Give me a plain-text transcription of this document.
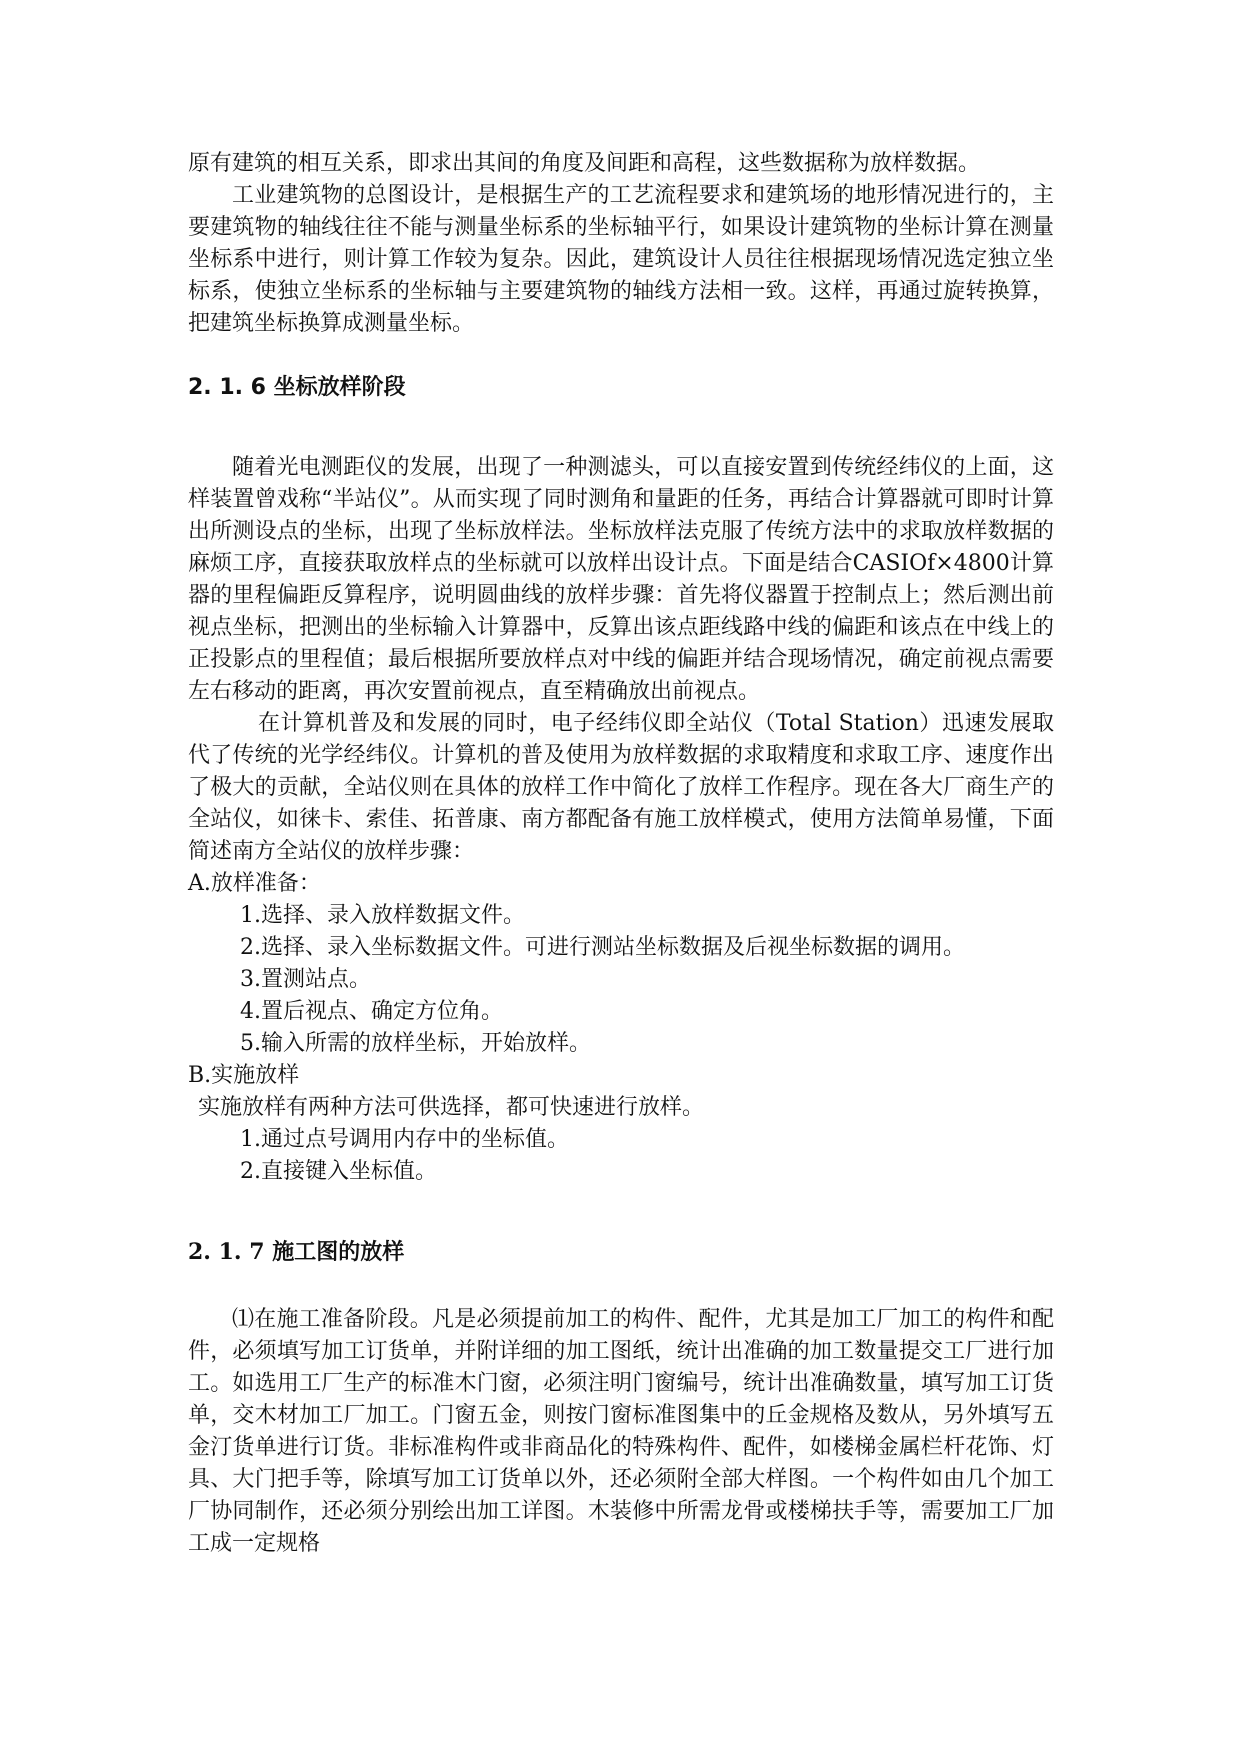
原有建筑的相互关系，即求出其间的角度及间距和高程，这些数据称为放样数据。

工业建筑物的总图设计，是根据生产的工艺流程要求和建筑场的地形情况进行的，主要建筑物的轴线往往不能与测量坐标系的坐标轴平行，如果设计建筑物的坐标计算在测量坐标系中进行，则计算工作较为复杂。因此，建筑设计人员往往根据现场情况选定独立坐标系，使独立坐标系的坐标轴与主要建筑物的轴线方法相一致。这样，再通过旋转换算，把建筑坐标换算成测量坐标。

2. 1. 6 坐标放样阶段

随着光电测距仪的发展，出现了一种测滤头，可以直接安置到传统经纬仪的上面，这样装置曾戏称“半站仪”。从而实现了同时测角和量距的任务，再结合计算器就可即时计算出所测设点的坐标，出现了坐标放样法。坐标放样法克服了传统方法中的求取放样数据的麻烦工序，直接获取放样点的坐标就可以放样出设计点。下面是结合CASIOf×4800计算器的里程偏距反算程序，说明圆曲线的放样步骤：首先将仪器置于控制点上；然后测出前视点坐标，把测出的坐标输入计算器中，反算出该点距线路中线的偏距和该点在中线上的正投影点的里程值；最后根据所要放样点对中线的偏距并结合现场情况，确定前视点需要左右移动的距离，再次安置前视点，直至精确放出前视点。

在计算机普及和发展的同时，电子经纬仪即全站仪（Total Station）迅速发展取代了传统的光学经纬仪。计算机的普及使用为放样数据的求取精度和求取工序、速度作出了极大的贡献，全站仪则在具体的放样工作中简化了放样工作程序。现在各大厂商生产的全站仪，如徕卡、索佳、拓普康、南方都配备有施工放样模式，使用方法简单易懂，下面简述南方全站仪的放样步骤：

A.放样准备：

1.选择、录入放样数据文件。

2.选择、录入坐标数据文件。可进行测站坐标数据及后视坐标数据的调用。

3.置测站点。

4.置后视点、确定方位角。

5.输入所需的放样坐标，开始放样。

B.实施放样

实施放样有两种方法可供选择，都可快速进行放样。

1.通过点号调用内存中的坐标值。

2.直接键入坐标值。

2. 1. 7 施工图的放样

⑴在施工准备阶段。凡是必须提前加工的构件、配件，尤其是加工厂加工的构件和配件，必须填写加工订货单，并附详细的加工图纸，统计出准确的加工数量提交工厂进行加工。如选用工厂生产的标准木门窗，必须注明门窗编号，统计出准确数量，填写加工订货单，交木材加工厂加工。门窗五金，则按门窗标准图集中的丘金规格及数从，另外填写五金汀货单进行订货。非标准构件或非商品化的特殊构件、配件，如楼梯金属栏杆花饰、灯具、大门把手等，除填写加工订货单以外，还必须附全部大样图。一个构件如由几个加工厂协同制作，还必须分别绘出加工详图。木装修中所需龙骨或楼梯扶手等，需要加工厂加工成一定规格
